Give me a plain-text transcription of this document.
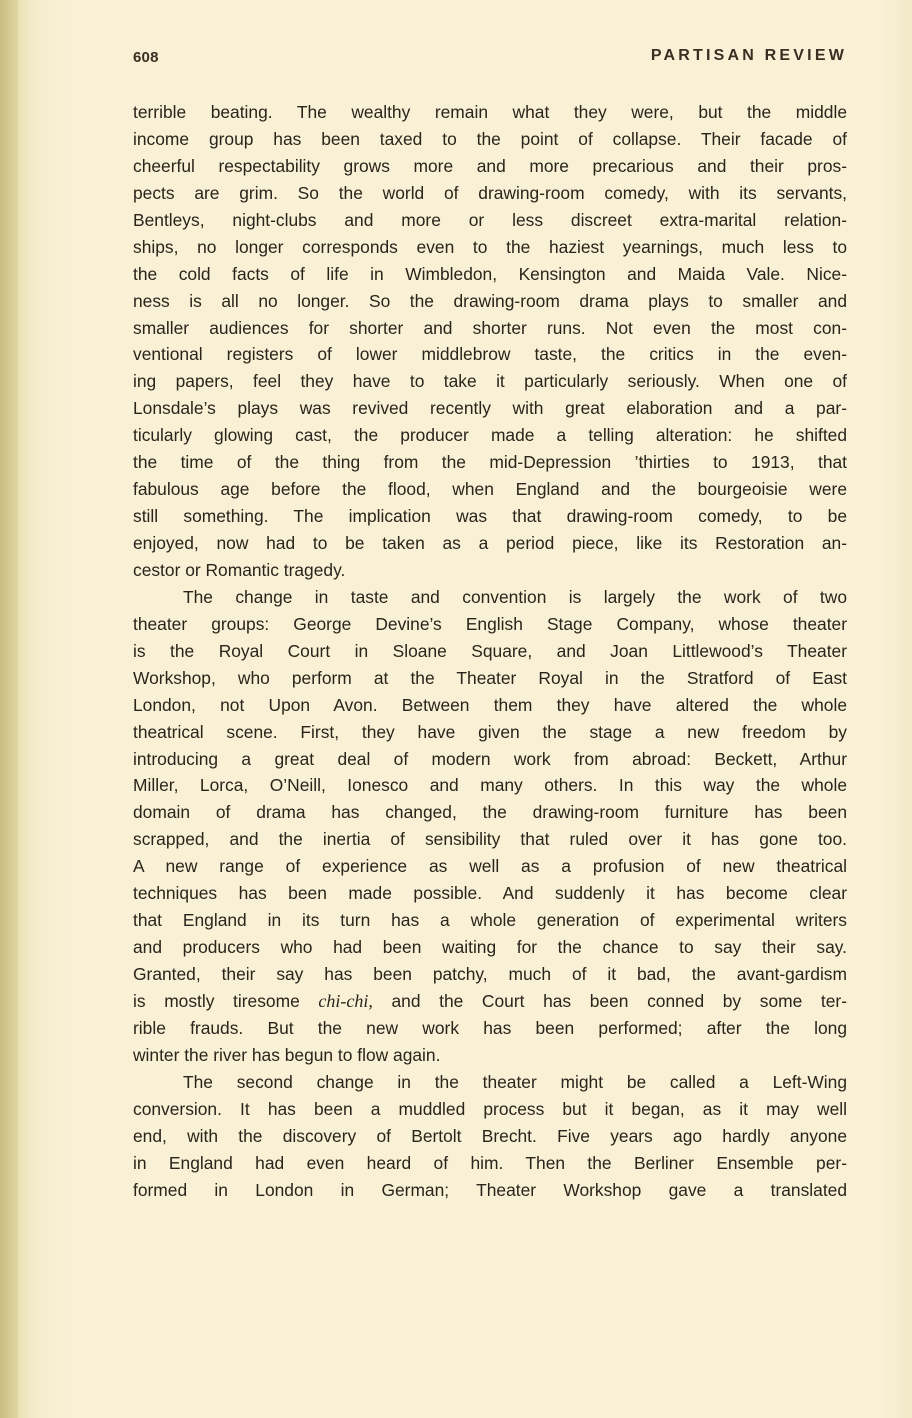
608	PARTISAN REVIEW
terrible beating. The wealthy remain what they were, but the middle
income group has been taxed to the point of collapse. Their facade of
cheerful respectability grows more and more precarious and their pros-
pects are grim. So the world of drawing-room comedy, with its servants,
Bentleys, night-clubs and more or less discreet extra-marital relation-
ships, no longer corresponds even to the haziest yearnings, much less to
the cold facts of life in Wimbledon, Kensington and Maida Vale. Nice-
ness is all no longer. So the drawing-room drama plays to smaller and
smaller audiences for shorter and shorter runs. Not even the most con-
ventional registers of lower middlebrow taste, the critics in the even-
ing papers, feel they have to take it particularly seriously. When one of
Lonsdale’s plays was revived recently with great elaboration and a par-
ticularly glowing cast, the producer made a telling alteration: he shifted
the time of the thing from the mid-Depression ’thirties to 1913, that
fabulous age before the flood, when England and the bourgeoisie were
still something. The implication was that drawing-room comedy, to be
enjoyed, now had to be taken as a period piece, like its Restoration an-
cestor or Romantic tragedy.
The change in taste and convention is largely the work of two
theater groups: George Devine’s English Stage Company, whose theater
is the Royal Court in Sloane Square, and Joan Littlewood’s Theater
Workshop, who perform at the Theater Royal in the Stratford of East
London, not Upon Avon. Between them they have altered the whole
theatrical scene. First, they have given the stage a new freedom by
introducing a great deal of modern work from abroad: Beckett, Arthur
Miller, Lorca, O’Neill, Ionesco and many others. In this way the whole
domain of drama has changed, the drawing-room furniture has been
scrapped, and the inertia of sensibility that ruled over it has gone too.
A new range of experience as well as a profusion of new theatrical
techniques has been made possible. And suddenly it has become clear
that England in its turn has a whole generation of experimental writers
and producers who had been waiting for the chance to say their say.
Granted, their say has been patchy, much of it bad, the avant-gardism
is mostly tiresome chi-chi, and the Court has been conned by some ter-
rible frauds. But the new work has been performed; after the long
winter the river has begun to flow again.
The second change in the theater might be called a Left-Wing
conversion. It has been a muddled process but it began, as it may well
end, with the discovery of Bertolt Brecht. Five years ago hardly anyone
in England had even heard of him. Then the Berliner Ensemble per-
formed in London in German; Theater Workshop gave a translated
